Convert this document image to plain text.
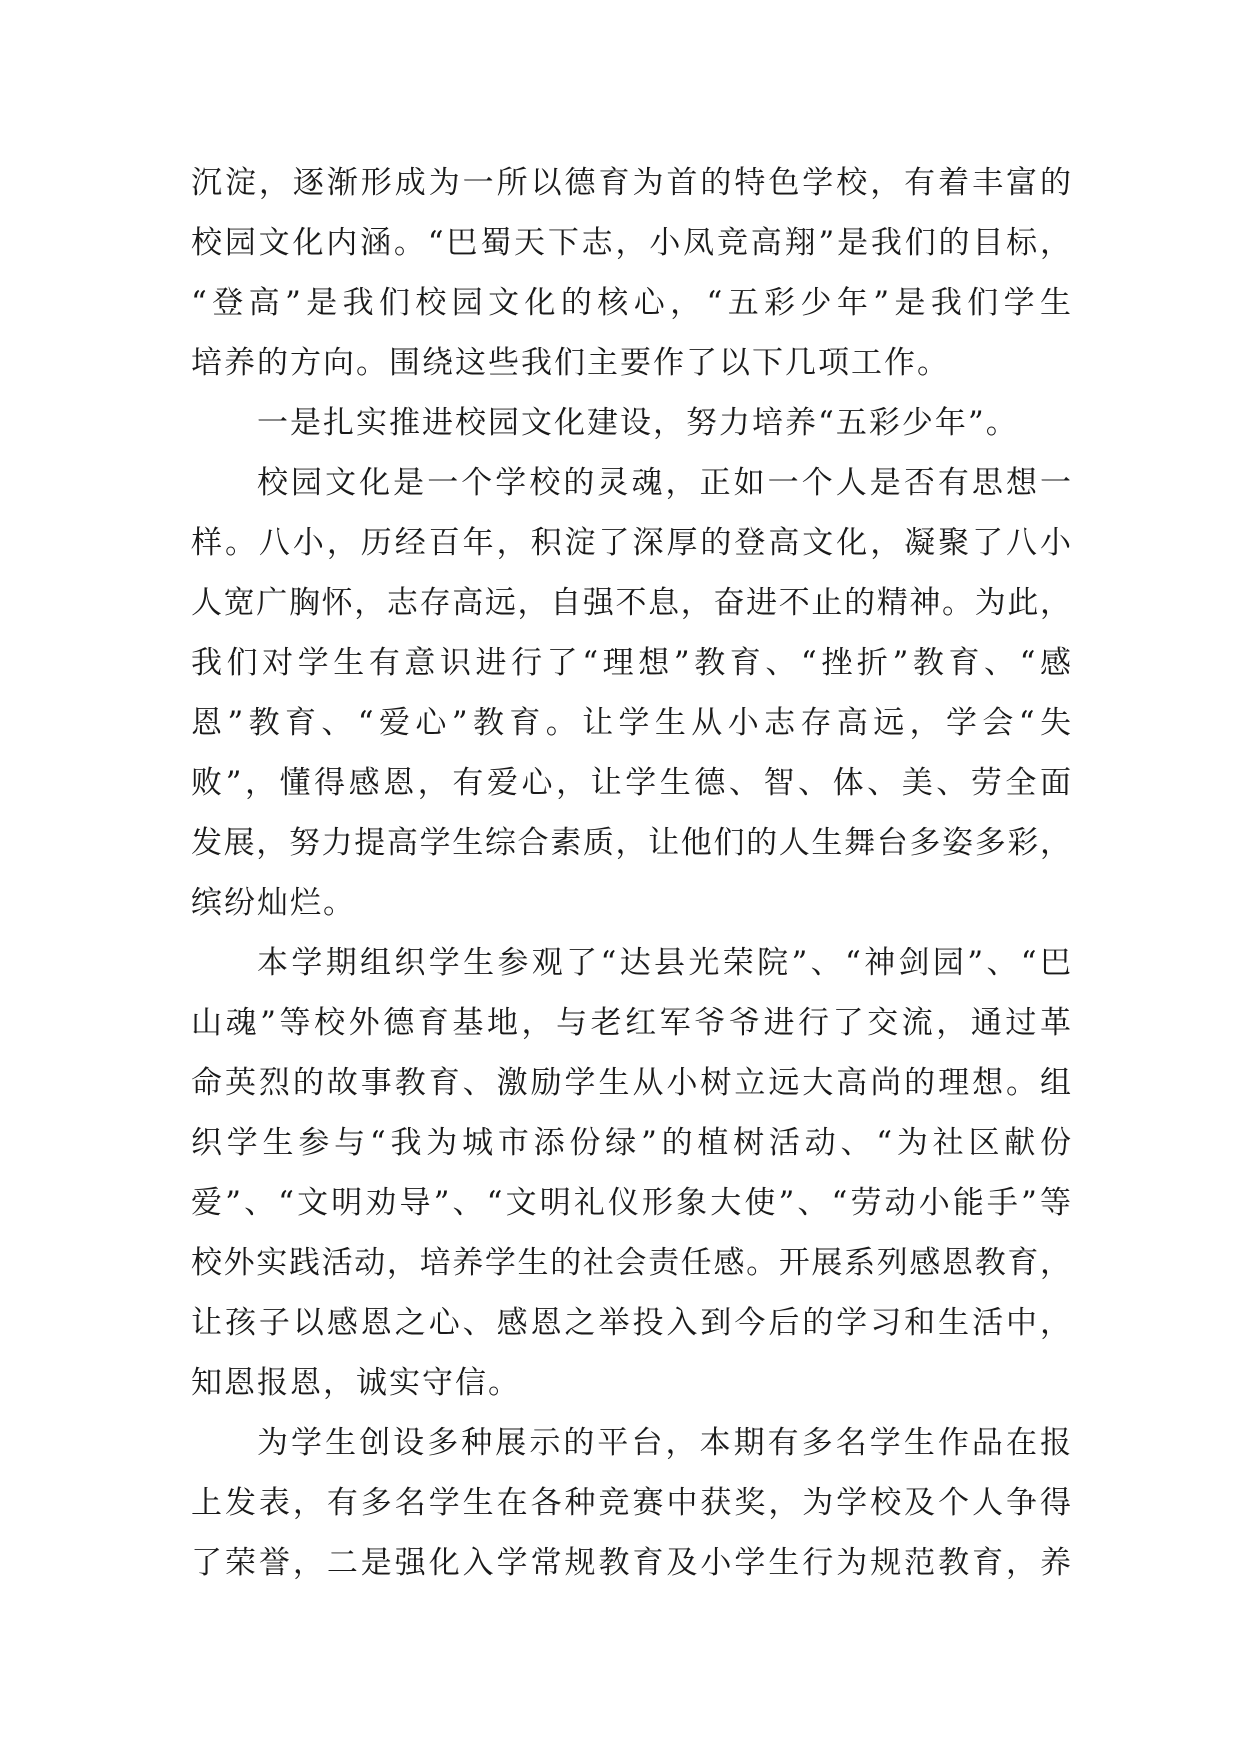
沉淀，逐渐形成为一所以德育为首的特色学校，有着丰富的
校园文化内涵。“巴蜀天下志，小凤竞高翔”是我们的目标，
“登高”是我们校园文化的核心，“五彩少年”是我们学生
培养的方向。围绕这些我们主要作了以下几项工作。
一是扎实推进校园文化建设，努力培养“五彩少年”。
校园文化是一个学校的灵魂，正如一个人是否有思想一
样。八小，历经百年，积淀了深厚的登高文化，凝聚了八小
人宽广胸怀，志存高远，自强不息，奋进不止的精神。为此，
我们对学生有意识进行了“理想”教育、“挫折”教育、“感
恩”教育、“爱心”教育。让学生从小志存高远，学会“失
败”，懂得感恩，有爱心，让学生德、智、体、美、劳全面
发展，努力提高学生综合素质，让他们的人生舞台多姿多彩，
缤纷灿烂。
本学期组织学生参观了“达县光荣院”、“神剑园”、“巴
山魂”等校外德育基地，与老红军爷爷进行了交流，通过革
命英烈的故事教育、激励学生从小树立远大高尚的理想。组
织学生参与“我为城市添份绿”的植树活动、“为社区献份
爱”、“文明劝导”、“文明礼仪形象大使”、“劳动小能手”等
校外实践活动，培养学生的社会责任感。开展系列感恩教育，
让孩子以感恩之心、感恩之举投入到今后的学习和生活中，
知恩报恩，诚实守信。
为学生创设多种展示的平台，本期有多名学生作品在报
上发表，有多名学生在各种竞赛中获奖，为学校及个人争得
了荣誉，二是强化入学常规教育及小学生行为规范教育，养
